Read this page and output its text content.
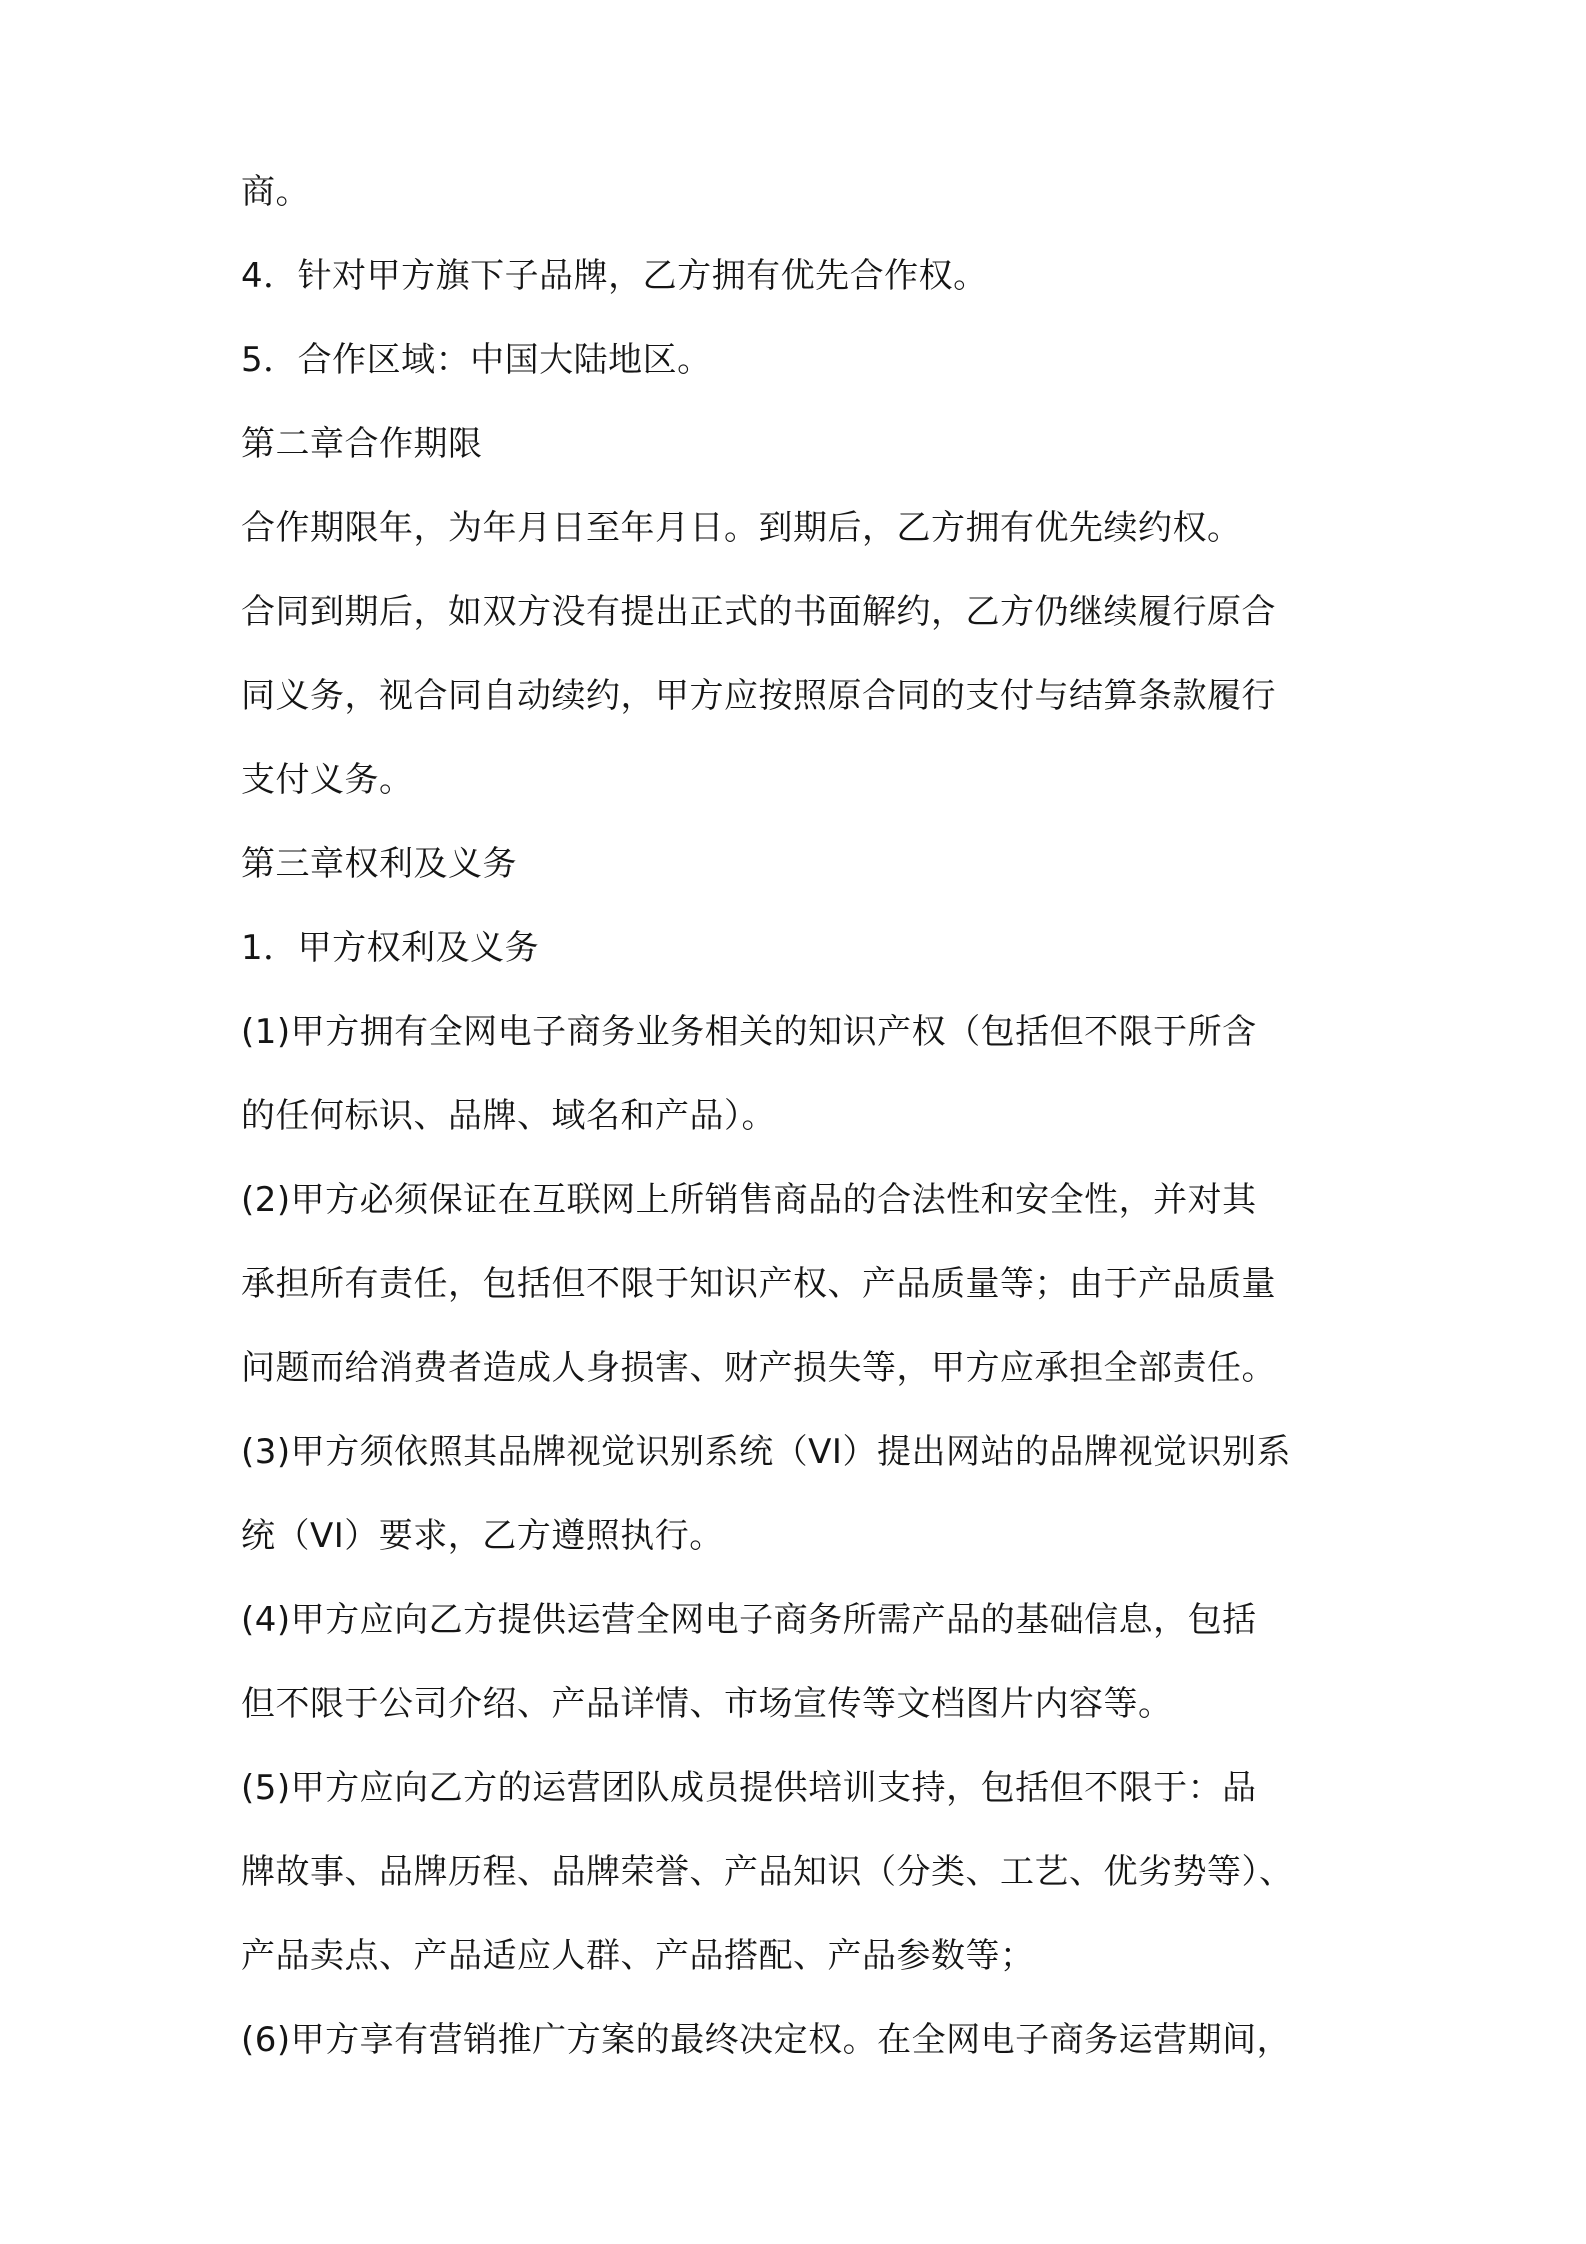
商。
4．针对甲方旗下子品牌，乙方拥有优先合作权。
5．合作区域：中国大陆地区。
第二章合作期限
合作期限年，为年月日至年月日。到期后，乙方拥有优先续约权。
合同到期后，如双方没有提出正式的书面解约，乙方仍继续履行原合
同义务，视合同自动续约，甲方应按照原合同的支付与结算条款履行
支付义务。
第三章权利及义务
1．甲方权利及义务
(1)甲方拥有全网电子商务业务相关的知识产权（包括但不限于所含
的任何标识、品牌、域名和产品）。
(2)甲方必须保证在互联网上所销售商品的合法性和安全性，并对其
承担所有责任，包括但不限于知识产权、产品质量等；由于产品质量
问题而给消费者造成人身损害、财产损失等，甲方应承担全部责任。
(3)甲方须依照其品牌视觉识别系统（VI）提出网站的品牌视觉识别系
统（VI）要求，乙方遵照执行。
(4)甲方应向乙方提供运营全网电子商务所需产品的基础信息，包括
但不限于公司介绍、产品详情、市场宣传等文档图片内容等。
(5)甲方应向乙方的运营团队成员提供培训支持，包括但不限于：品
牌故事、品牌历程、品牌荣誉、产品知识（分类、工艺、优劣势等）、
产品卖点、产品适应人群、产品搭配、产品参数等；
(6)甲方享有营销推广方案的最终决定权。在全网电子商务运营期间，
